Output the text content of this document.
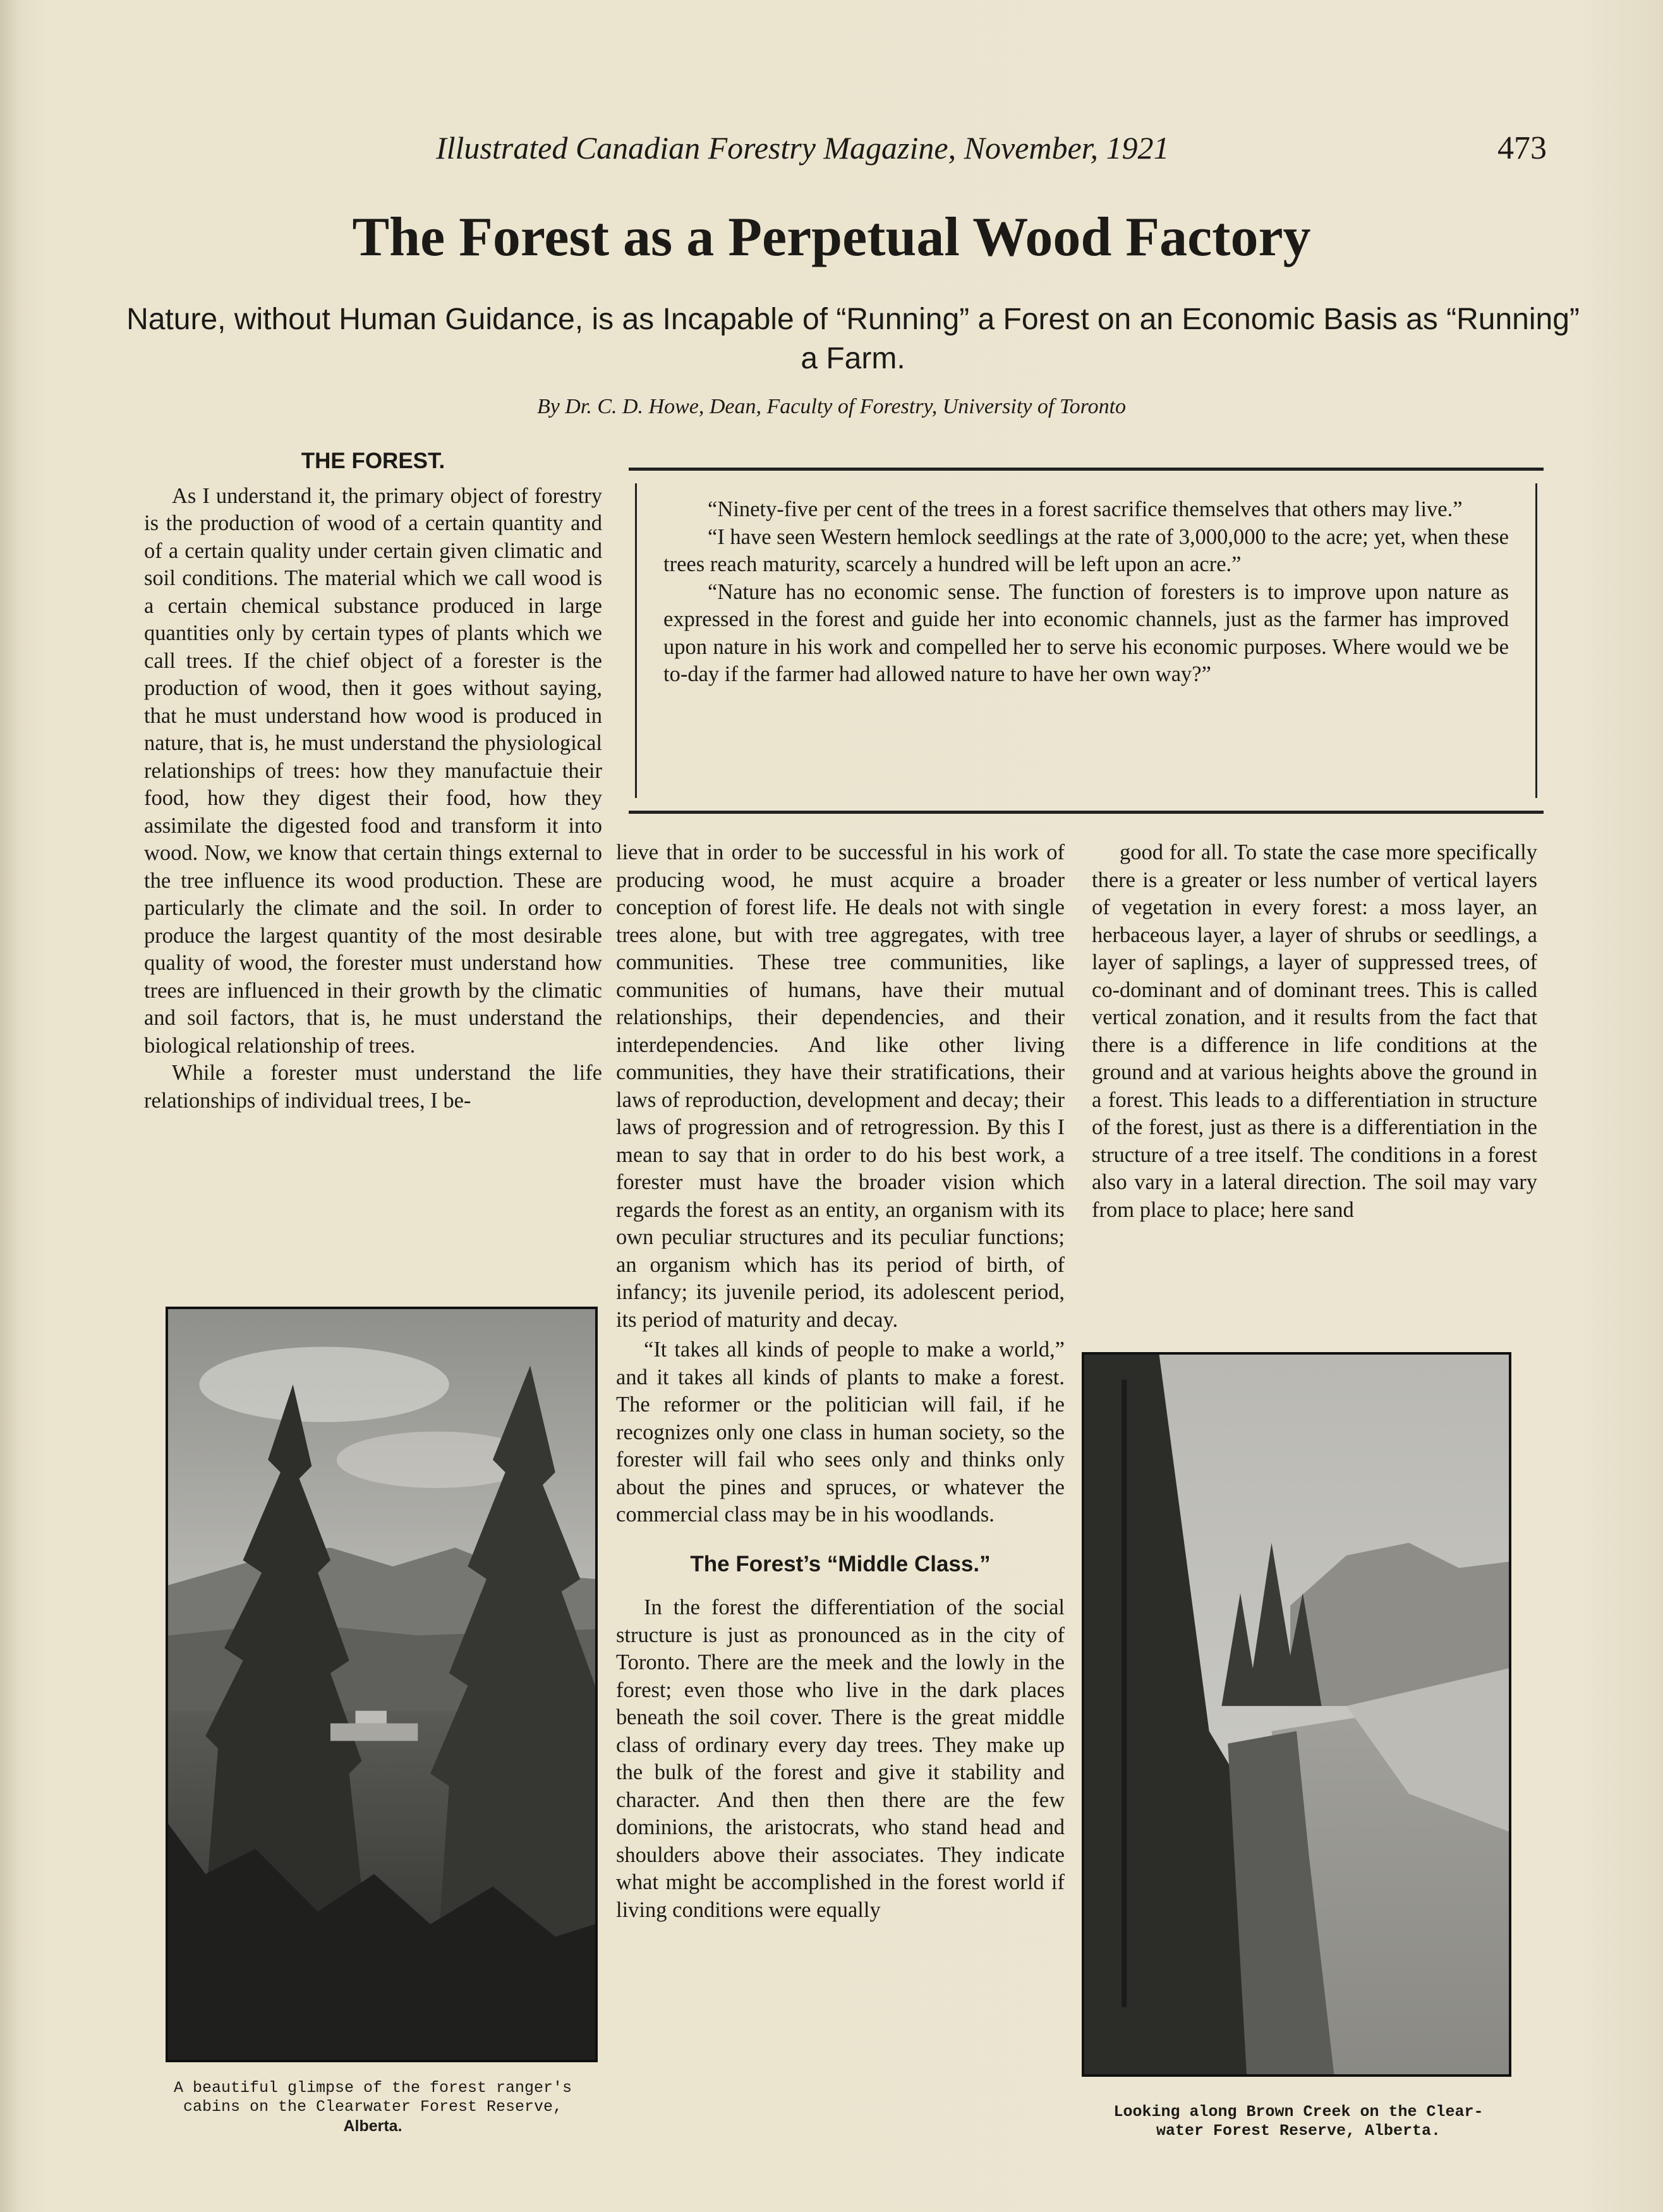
Illustrated Canadian Forestry Magazine, November, 1921	473
The Forest as a Perpetual Wood Factory
Nature, without Human Guidance, is as Incapable of “Running” a Forest on an Economic Basis as “Running” a Farm.
By Dr. C. D. Howe, Dean, Faculty of Forestry, University of Toronto
THE FOREST.

As I understand it, the primary object of forestry is the production of wood of a certain quantity and of a certain quality under certain given climatic and soil conditions. The material which we call wood is a certain chemical substance produced in large quantities only by certain types of plants which we call trees. If the chief object of a forester is the production of wood, then it goes without saying, that he must understand how wood is produced in nature, that is, he must understand the physiological relationships of trees: how they manufactuie their food, how they digest their food, how they assimilate the digested food and transform it into wood. Now, we know that certain things external to the tree influence its wood production. These are particularly the climate and the soil. In order to produce the largest quantity of the most desirable quality of wood, the forester must understand how trees are influenced in their growth by the climatic and soil factors, that is, he must understand the biological relationship of trees.

While a forester must understand the life relationships of individual trees, I be-

“Ninety-five per cent of the trees in a forest sacrifice themselves that others may live.”

“I have seen Western hemlock seedlings at the rate of 3,000,000 to the acre; yet, when these trees reach maturity, scarcely a hundred will be left upon an acre.”

“Nature has no economic sense. The function of foresters is to improve upon nature as expressed in the forest and guide her into economic channels, just as the farmer has improved upon nature in his work and compelled her to serve his economic purposes. Where would we be to-day if the farmer had allowed nature to have her own way?”

lieve that in order to be successful in his work of producing wood, he must acquire a broader conception of forest life. He deals not with single trees alone, but with tree aggregates, with tree communities. These tree communities, like communities of humans, have their mutual relationships, their dependencies, and their interdependencies. And like other living communities, they have their stratifications, their laws of reproduction, development and decay; their laws of progression and of retrogression. By this I mean to say that in order to do his best work, a forester must have the broader vision which regards the forest as an entity, an organism with its own peculiar structures and its peculiar functions; an organism which has its period of birth, of infancy; its juvenile period, its adolescent period, its period of maturity and decay.

“It takes all kinds of people to make a world,” and it takes all kinds of plants to make a forest. The reformer or the politician will fail, if he recognizes only one class in human society, so the forester will fail who sees only and thinks only about the pines and spruces, or whatever the commercial class may be in his woodlands.

The Forest’s “Middle Class.”

In the forest the differentiation of the social structure is just as pronounced as in the city of Toronto. There are the meek and the lowly in the forest; even those who live in the dark places beneath the soil cover. There is the great middle class of ordinary every day trees. They make up the bulk of the forest and give it stability and character. And then then there are the few dominions, the aristocrats, who stand head and shoulders above their associates. They indicate what might be accomplished in the forest world if living conditions were equally

good for all. To state the case more specifically there is a greater or less number of vertical layers of vegetation in every forest: a moss layer, an herbaceous layer, a layer of shrubs or seedlings, a layer of saplings, a layer of suppressed trees, of co-dominant and of dominant trees. This is called vertical zonation, and it results from the fact that there is a difference in life conditions at the ground and at various heights above the ground in a forest. This leads to a differentiation in structure of the forest, just as there is a differentiation in the structure of a tree itself. The conditions in a forest also vary in a lateral direction. The soil may vary from place to place; here sand

A beautiful glimpse of the forest ranger's
cabins on the Clearwater Forest Reserve,
Alberta.
Looking along Brown Creek on the Clear-
water Forest Reserve, Alberta.
